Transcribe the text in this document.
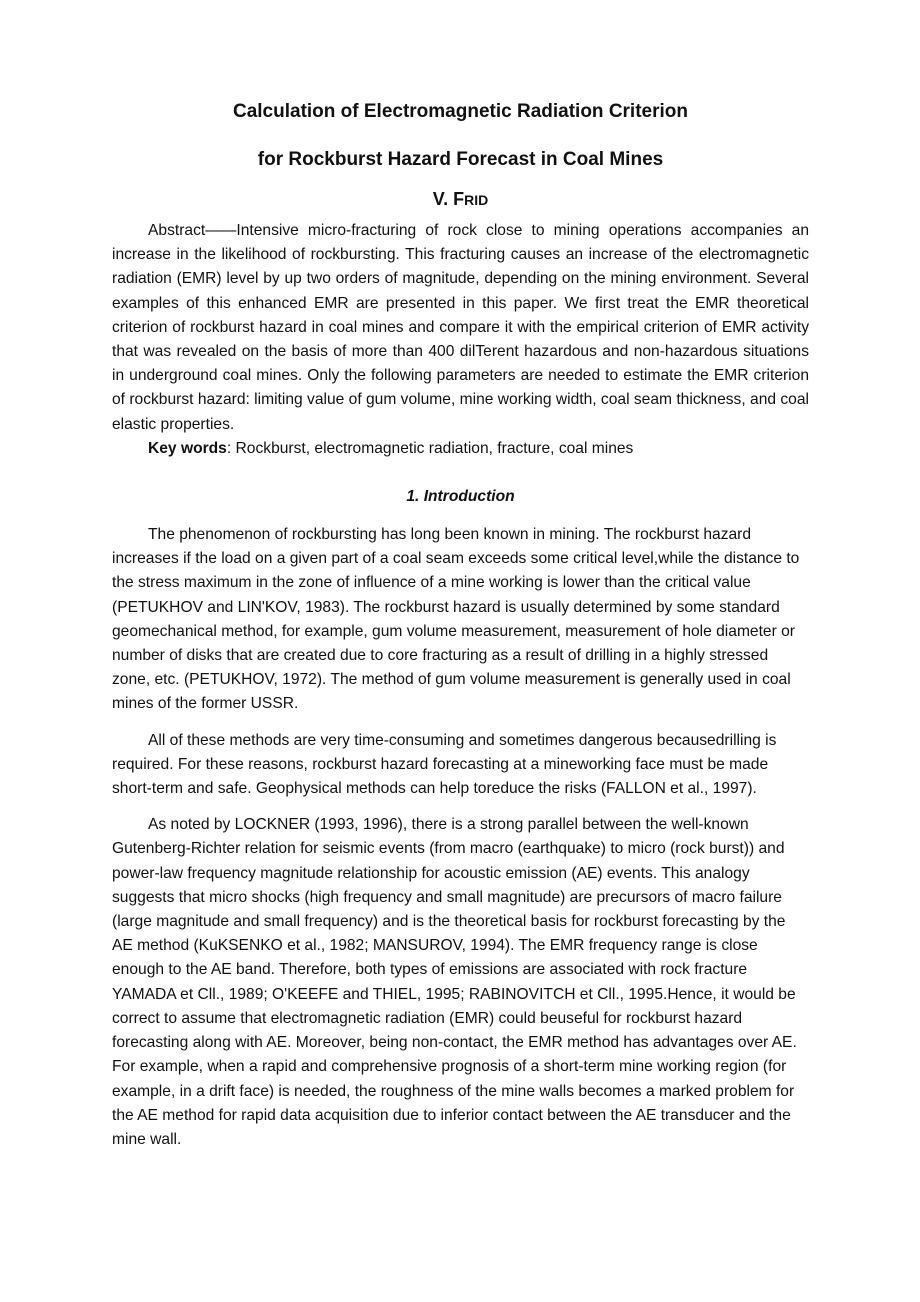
Calculation of Electromagnetic Radiation Criterion
for Rockburst Hazard Forecast in Coal Mines
V. FRID
Abstract——Intensive micro-fracturing of rock close to mining operations accompanies an increase in the likelihood of rockbursting. This fracturing causes an increase of the electromagnetic radiation (EMR) level by up two orders of magnitude, depending on the mining environment. Several examples of this enhanced EMR are presented in this paper. We first treat the EMR theoretical criterion of rockburst hazard in coal mines and compare it with the empirical criterion of EMR activity that was revealed on the basis of more than 400 dilTerent hazardous and non-hazardous situations in underground coal mines. Only the following parameters are needed to estimate the EMR criterion of rockburst hazard: limiting value of gum volume, mine working width, coal seam thickness, and coal elastic properties.
Key words: Rockburst, electromagnetic radiation, fracture, coal mines
1. Introduction

The phenomenon of rockbursting has long been known in mining. The rockburst hazard increases if the load on a given part of a coal seam exceeds some critical level,while the distance to the stress maximum in the zone of influence of a mine working is lower than the critical value (PETUKHOV and LIN'KOV, 1983). The rockburst hazard is usually determined by some standard geomechanical method, for example, gum volume measurement, measurement of hole diameter or number of disks that are created due to core fracturing as a result of drilling in a highly stressed zone, etc. (PETUKHOV, 1972). The method of gum volume measurement is generally used in coal mines of the former USSR.

All of these methods are very time-consuming and sometimes dangerous becausedrilling is required. For these reasons, rockburst hazard forecasting at a mineworking face must be made short-term and safe. Geophysical methods can help toreduce the risks (FALLON et al., 1997).

As noted by LOCKNER (1993, 1996), there is a strong parallel between the well-known Gutenberg-Richter relation for seismic events (from macro (earthquake) to micro (rock burst)) and power-law frequency magnitude relationship for acoustic emission (AE) events. This analogy suggests that micro shocks (high frequency and small magnitude) are precursors of macro failure (large magnitude and small frequency) and is the theoretical basis for rockburst forecasting by the AE method (KuKSENKO et al., 1982; MANSUROV, 1994). The EMR frequency range is close enough to the AE band. Therefore, both types of emissions are associated with rock fracture YAMADA et Cll., 1989; O'KEEFE and THIEL, 1995; RABINOVITCH et Cll., 1995.Hence, it would be correct to assume that electromagnetic radiation (EMR) could beuseful for rockburst hazard forecasting along with AE. Moreover, being non-contact, the EMR method has advantages over AE. For example, when a rapid and comprehensive prognosis of a short-term mine working region (for example, in a drift face) is needed, the roughness of the mine walls becomes a marked problem for the AE method for rapid data acquisition due to inferior contact between the AE transducer and the mine wall.
